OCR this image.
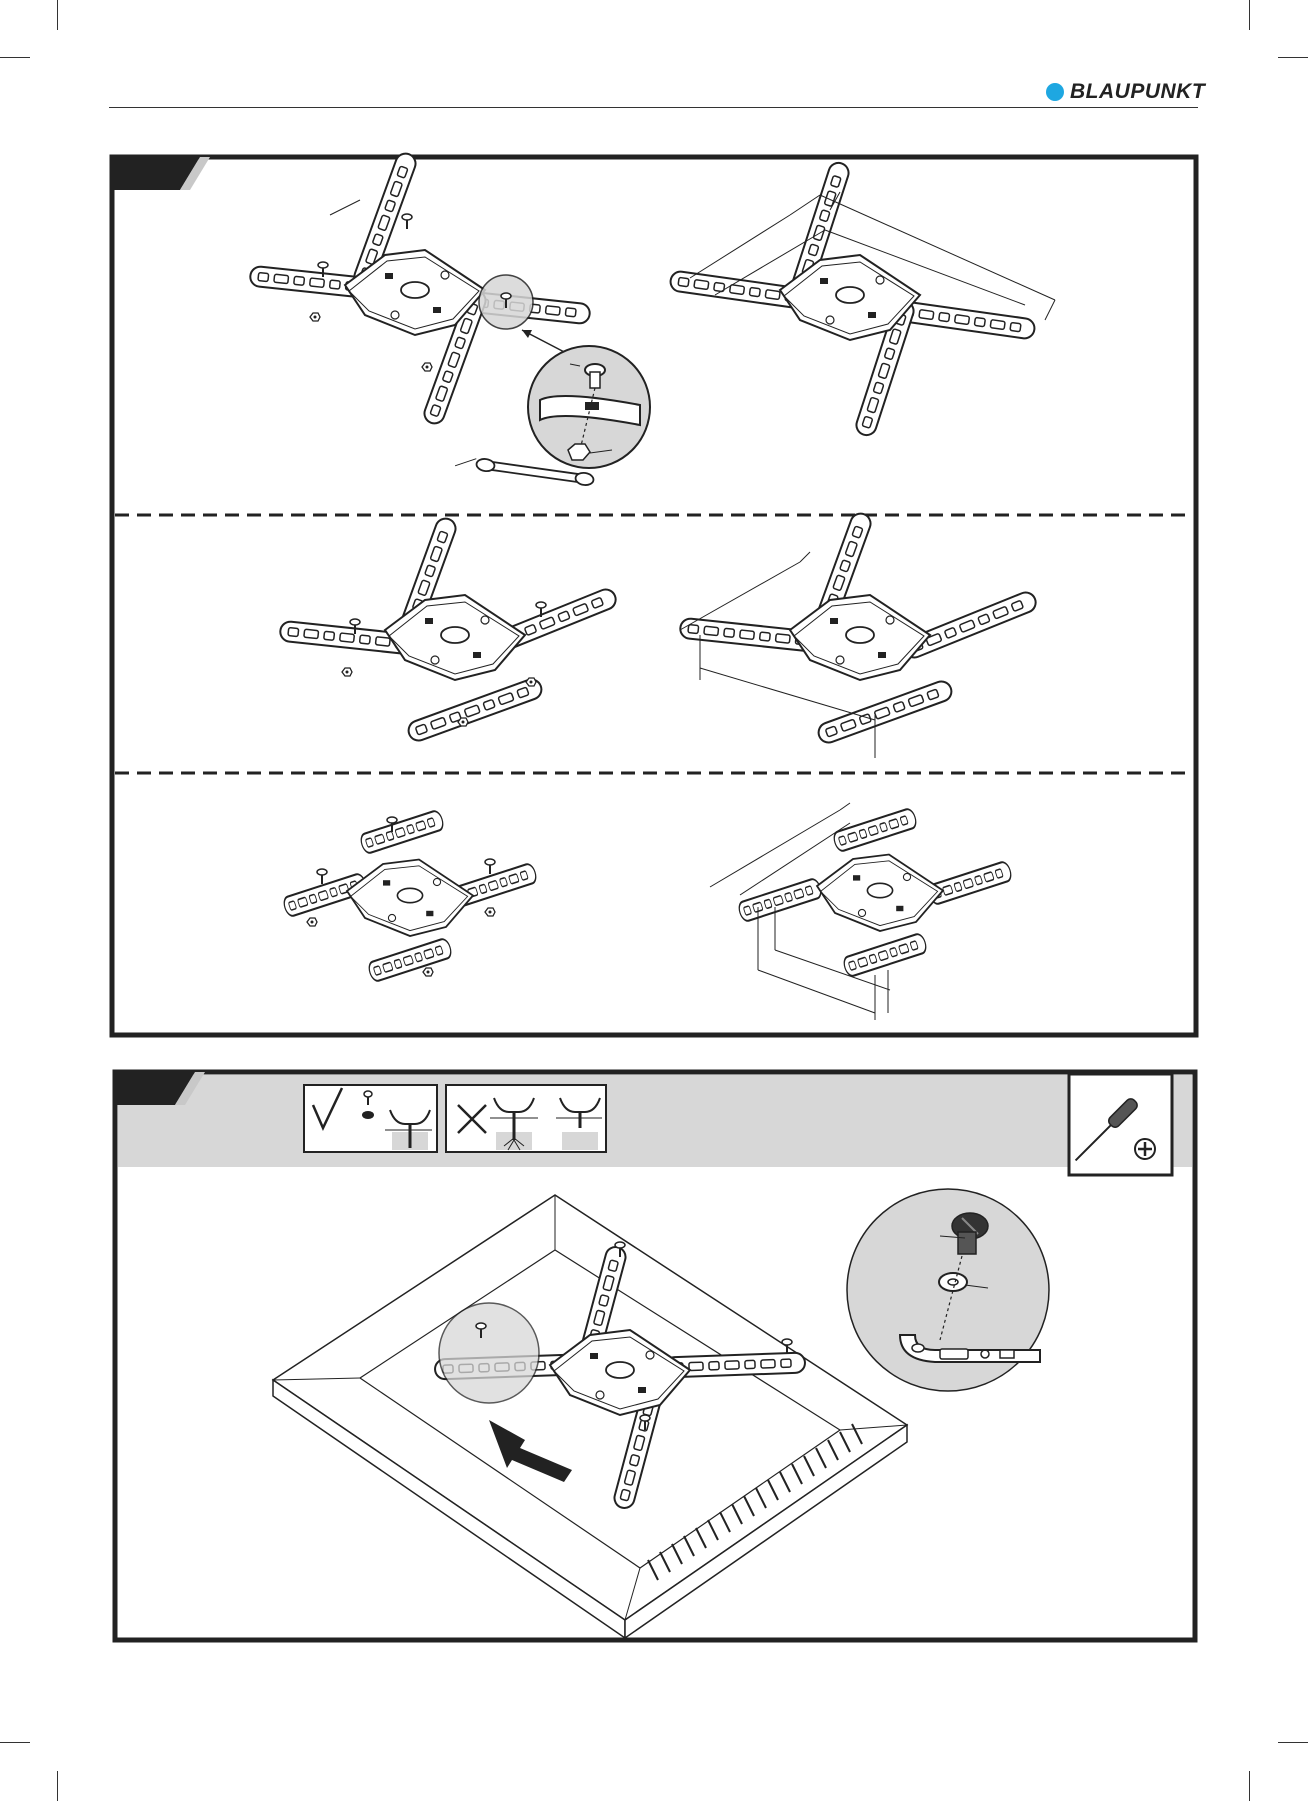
BLAUPUNKT
